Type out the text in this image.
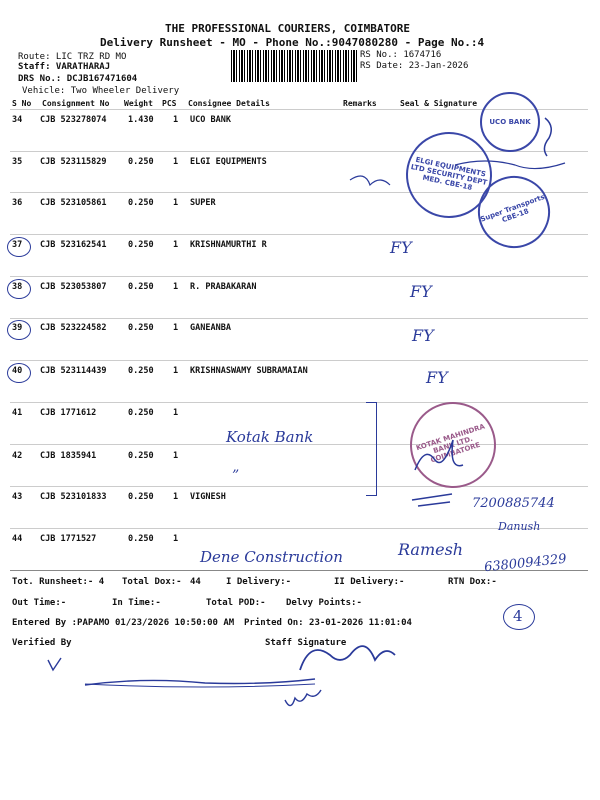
THE PROFESSIONAL COURIERS, COIMBATORE
Delivery Runsheet - MO - Phone No.:9047080280 - Page No.:4
Route: LIC TRZ RD MO
Staff: VARATHARAJ
DRS No.: DCJB167471604
Vehicle: Two Wheeler Delivery
RS No.: 1674716
RS Date: 23-Jan-2026
S No Consignment No Weight PCS Consignee Details	Remarks	Seal & Signature
34 CJB 523278074	1.430 1 UCO BANK
35 CJB 523115829	0.250 1 ELGI EQUIPMENTS
36 CJB 523105861	0.250 1 SUPER
37 CJB 523162541	0.250 1 KRISHNAMURTHI R
38 CJB 523053807	0.250 1 R. PRABAKARAN
39 CJB 523224582	0.250 1 GANEANBA
40 CJB 523114439	0.250 1 KRISHNASWAMY SUBRAMAIAN
41 CJB 1771612	0.250 1
42 CJB 1835941	0.250 1
43 CJB 523101833	0.250 1 VIGNESH
44 CJB 1771527	0.250 1
Tot. Runsheet:- 4 Total Dox:- 44	I Delivery:-	II Delivery:-	RTN Dox:-
Out Time:-	In Time:-	Total POD:- Delvy Points:-
Entered By :PAPAMO 01/23/2026 10:50:00 AM Printed On: 23-01-2026 11:01:04
Verified By	Staff Signature
UCO BANK
ELGI EQUIPMENTS LTD SECURITY DEPT MED. CBE-18
Super Transports CBE-18
KOTAK MAHINDRA BANK LTD. COIMBATORE
FY
FY
FY
FY
Kotak Bank
”
7200885744
Danush
Dene Construction	Ramesh
6380094329
4
